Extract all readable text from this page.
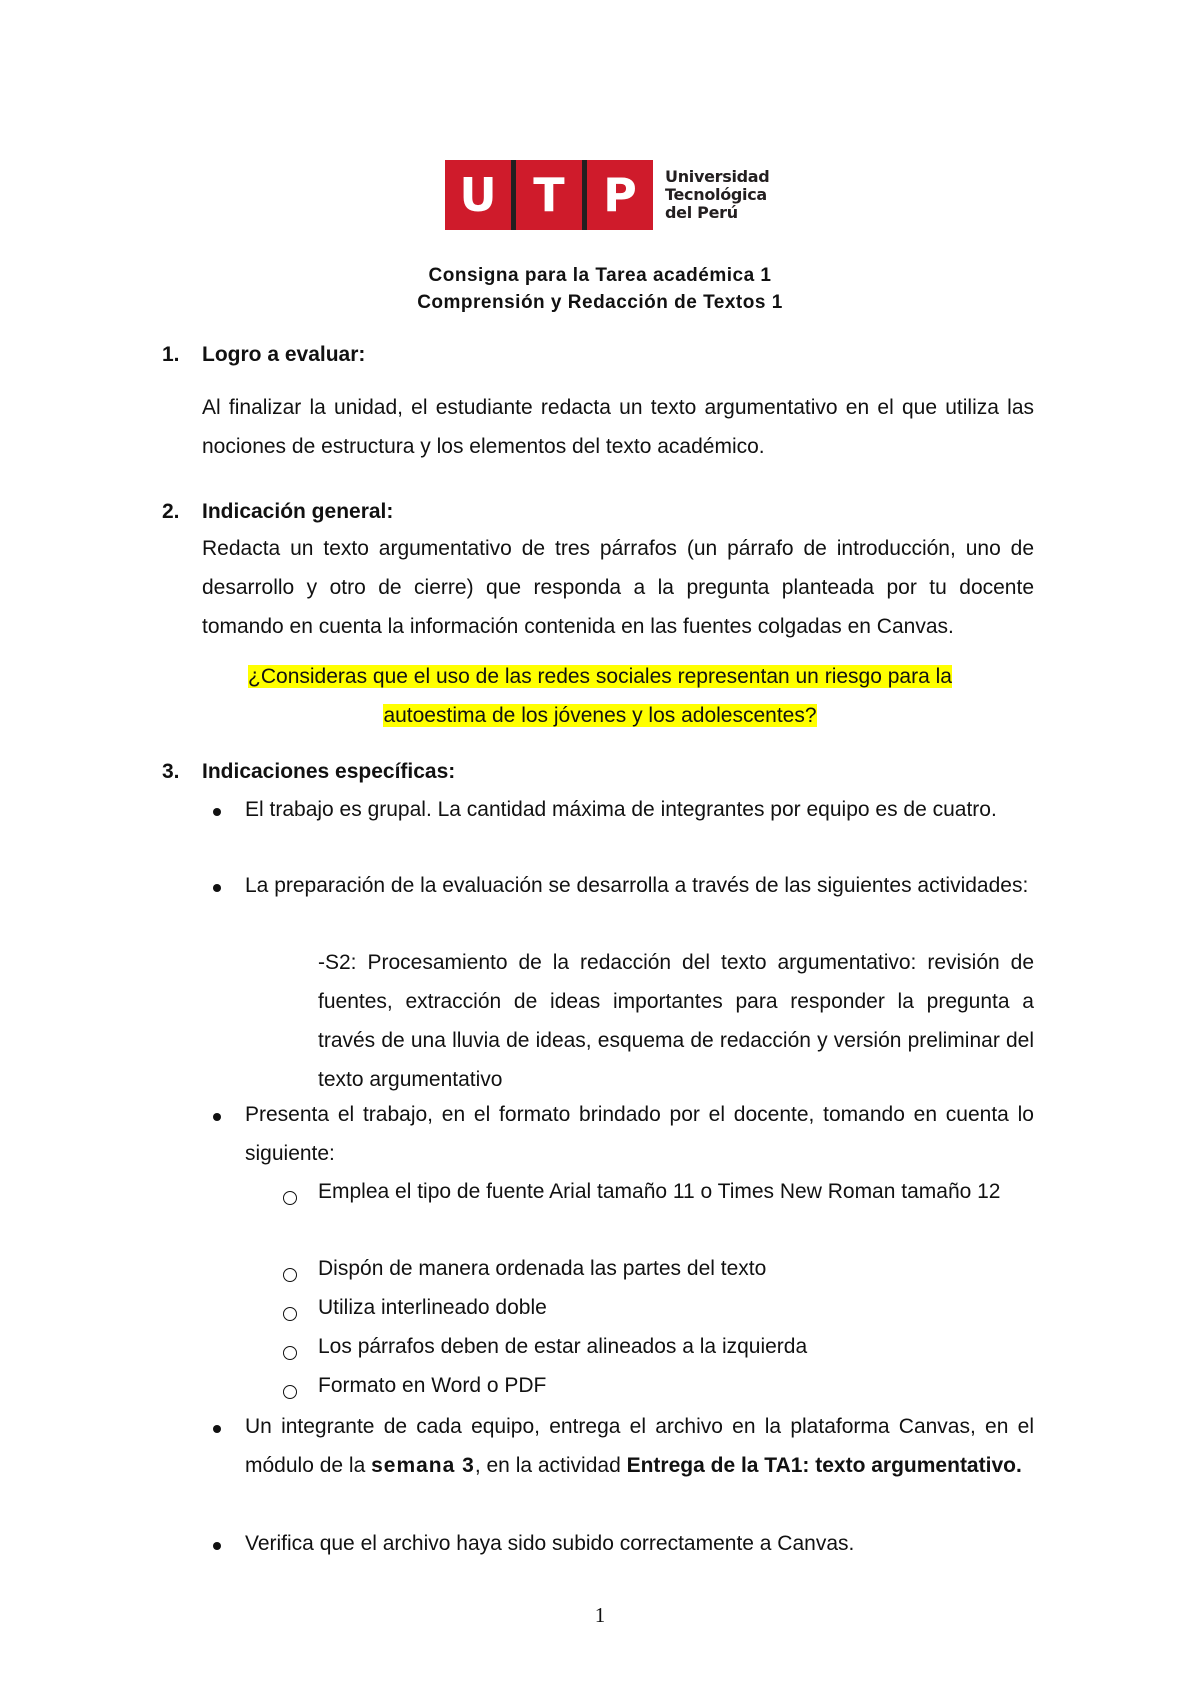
U T P	Universidad
Tecnológica
del Perú
Consigna para la Tarea académica 1
Comprensión y Redacción de Textos 1
1. Logro a evaluar:
Al finalizar la unidad, el estudiante redacta un texto argumentativo en el que utiliza las nociones de estructura y los elementos del texto académico.
2. Indicación general:
Redacta un texto argumentativo de tres párrafos (un párrafo de introducción, uno de desarrollo y otro de cierre) que responda a la pregunta planteada por tu docente tomando en cuenta la información contenida en las fuentes colgadas en Canvas.
¿Consideras que el uso de las redes sociales representan un riesgo para la
autoestima de los jóvenes y los adolescentes?
3. Indicaciones específicas:
El trabajo es grupal. La cantidad máxima de integrantes por equipo es de cuatro.
La preparación de la evaluación se desarrolla a través de las siguientes actividades:
-S2: Procesamiento de la redacción del texto argumentativo: revisión de fuentes, extracción de ideas importantes para responder la pregunta a través de una lluvia de ideas, esquema de redacción y versión preliminar del texto argumentativo
Presenta el trabajo, en el formato brindado por el docente, tomando en cuenta lo siguiente:
Emplea el tipo de fuente Arial tamaño 11 o Times New Roman tamaño 12
Dispón de manera ordenada las partes del texto
Utiliza interlineado doble
Los párrafos deben de estar alineados a la izquierda
Formato en Word o PDF
Un integrante de cada equipo, entrega el archivo en la plataforma Canvas, en el módulo de la semana 3, en la actividad Entrega de la TA1: texto argumentativo.
Verifica que el archivo haya sido subido correctamente a Canvas.
1
